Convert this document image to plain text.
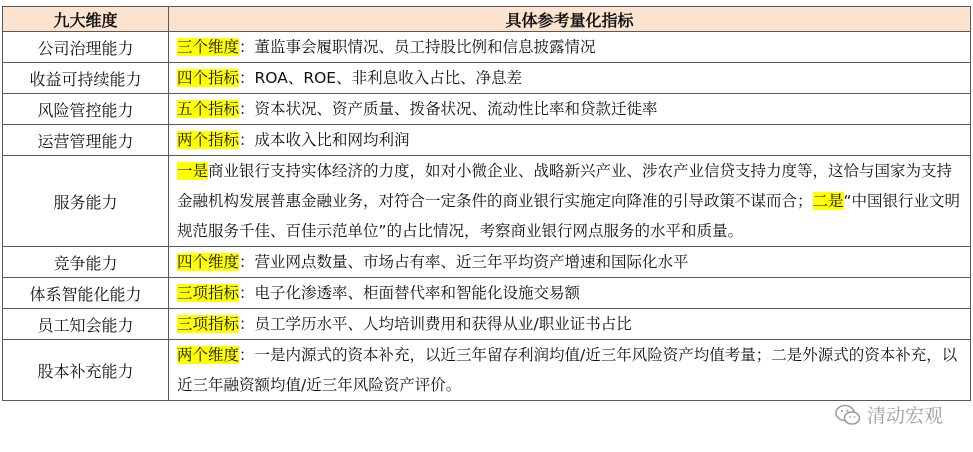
九大维度	具体参考量化指标
公司治理能力	三个维度：董监事会履职情况、员工持股比例和信息披露情况
收益可持续能力	四个指标：ROA、ROE、非利息收入占比、净息差
风险管控能力	五个指标：资本状况、资产质量、拨备状况、流动性比率和贷款迁徙率
运营管理能力	两个指标：成本收入比和网均利润
服务能力	一是商业银行支持实体经济的力度，如对小微企业、战略新兴产业、涉农产业信贷支持力度等，这恰与国家为支持金融机构发展普惠金融业务，对符合一定条件的商业银行实施定向降准的引导政策不谋而合；二是“中国银行业文明规范服务千佳、百佳示范单位”的占比情况，考察商业银行网点服务的水平和质量。
竞争能力	四个维度：营业网点数量、市场占有率、近三年平均资产增速和国际化水平
体系智能化能力	三项指标：电子化渗透率、柜面替代率和智能化设施交易额
员工知会能力	三项指标：员工学历水平、人均培训费用和获得从业/职业证书占比
股本补充能力	两个维度：一是内源式的资本补充，以近三年留存利润均值/近三年风险资产均值考量；二是外源式的资本补充，以近三年融资额均值/近三年风险资产评价。
清动宏观
